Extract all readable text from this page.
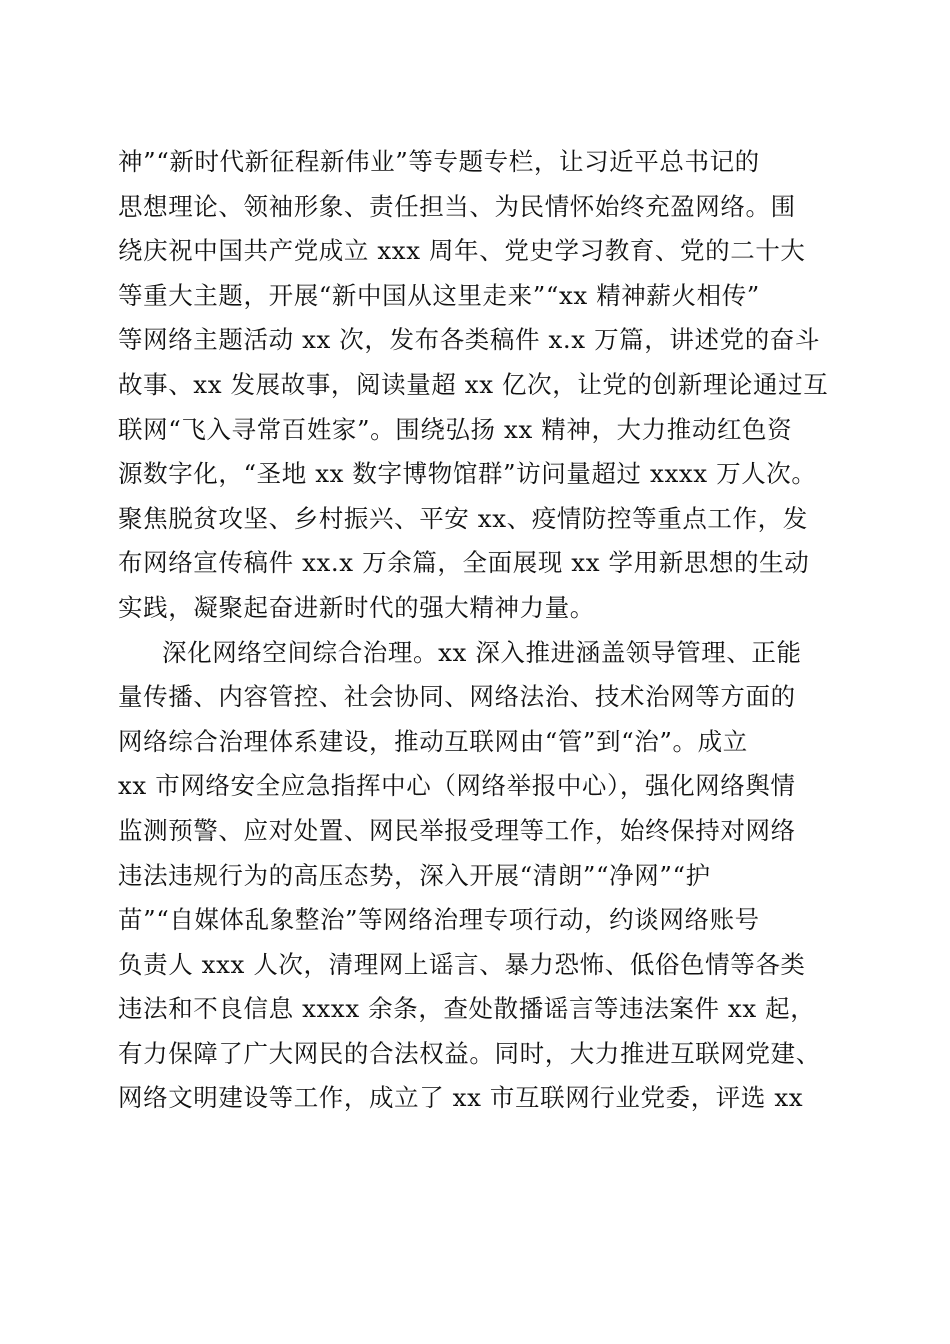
神”“新时代新征程新伟业”等专题专栏，让习近平总书记的
思想理论、领袖形象、责任担当、为民情怀始终充盈网络。围
绕庆祝中国共产党成立 xxx 周年、党史学习教育、党的二十大
等重大主题，开展“新中国从这里走来”“xx 精神薪火相传”
等网络主题活动 xx 次，发布各类稿件 x.x 万篇，讲述党的奋斗
故事、xx 发展故事，阅读量超 xx 亿次，让党的创新理论通过互
联网“飞入寻常百姓家”。围绕弘扬 xx 精神，大力推动红色资
源数字化，“圣地 xx 数字博物馆群”访问量超过 xxxx 万人次。
聚焦脱贫攻坚、乡村振兴、平安 xx、疫情防控等重点工作，发
布网络宣传稿件 xx.x 万余篇，全面展现 xx 学用新思想的生动
实践，凝聚起奋进新时代的强大精神力量。
深化网络空间综合治理。xx 深入推进涵盖领导管理、正能
量传播、内容管控、社会协同、网络法治、技术治网等方面的
网络综合治理体系建设，推动互联网由“管”到“治”。成立
xx 市网络安全应急指挥中心（网络举报中心），强化网络舆情
监测预警、应对处置、网民举报受理等工作，始终保持对网络
违法违规行为的高压态势，深入开展“清朗”“净网”“护
苗”“自媒体乱象整治”等网络治理专项行动，约谈网络账号
负责人 xxx 人次，清理网上谣言、暴力恐怖、低俗色情等各类
违法和不良信息 xxxx 余条，查处散播谣言等违法案件 xx 起，
有力保障了广大网民的合法权益。同时，大力推进互联网党建、
网络文明建设等工作，成立了 xx 市互联网行业党委，评选 xx
